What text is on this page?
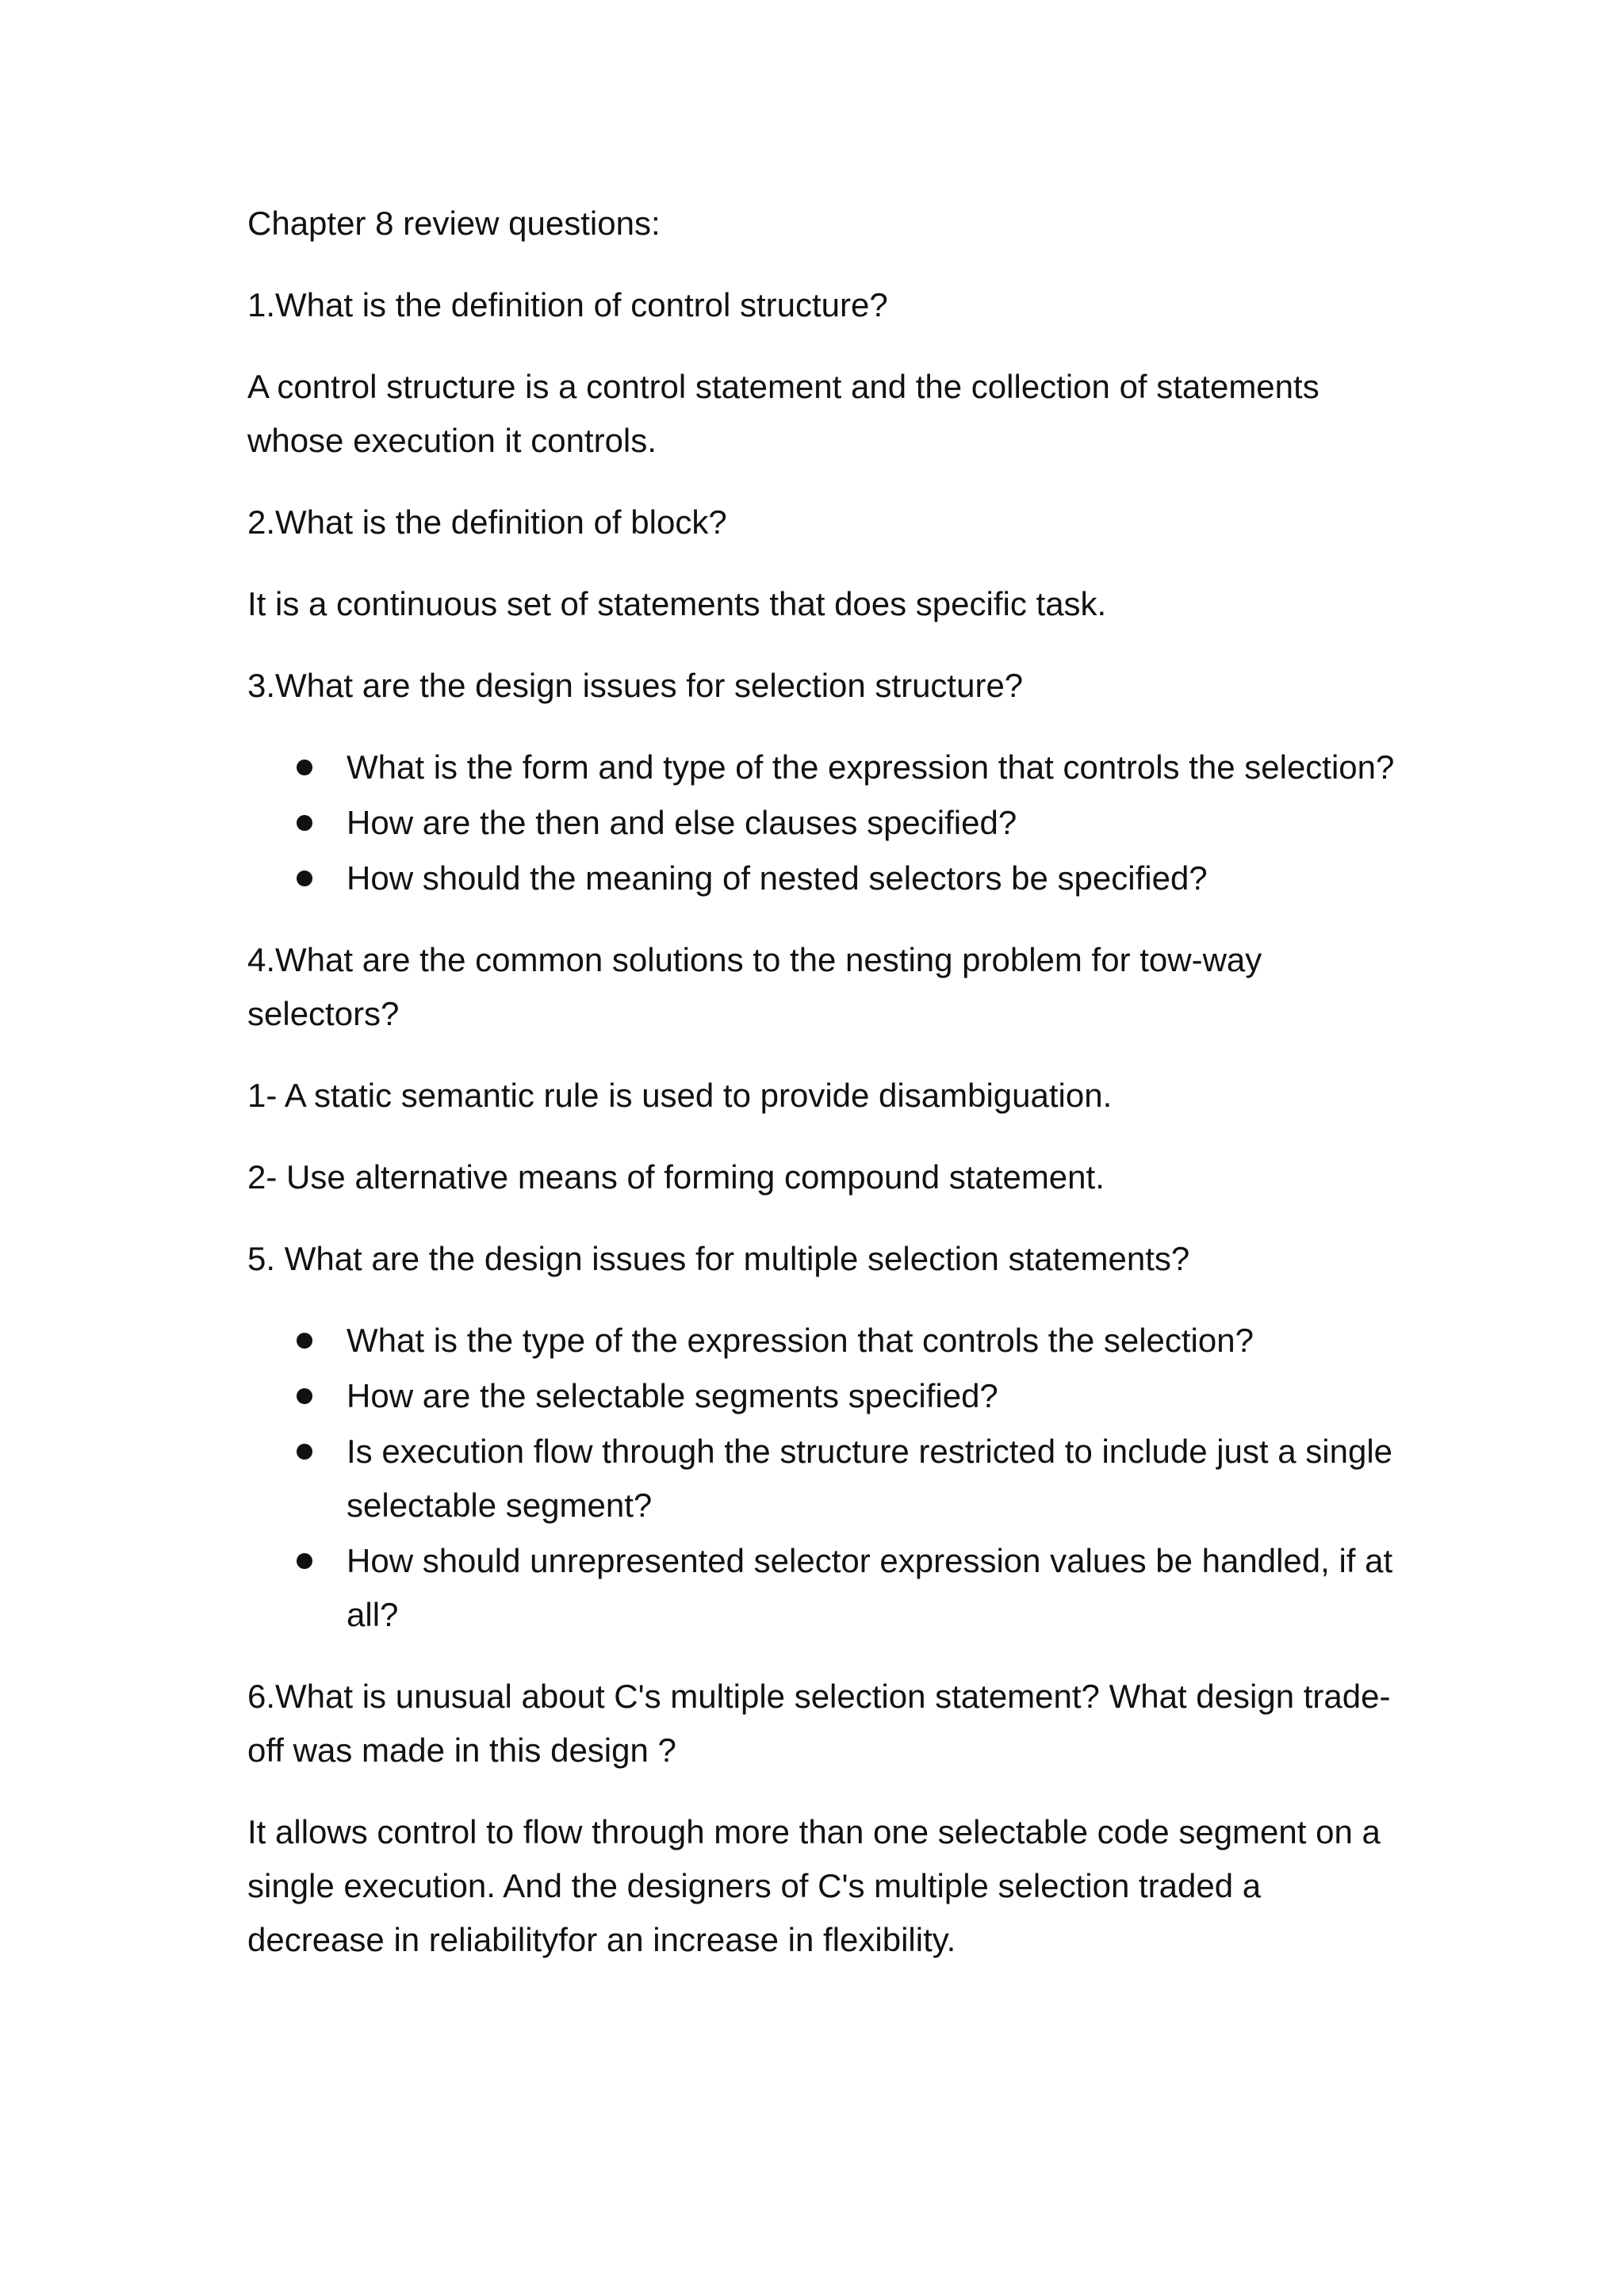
Chapter 8 review questions:

1.What is the definition of control structure?

A control structure is a control statement and the collection of statements whose execution it controls.

2.What is the definition of block?

It is a continuous set of statements that does specific task.

3.What are the design issues for selection structure?

What is the form and type of the expression that controls the selection?
How are the then and else clauses specified?
How should the meaning of nested selectors be specified?

4.What are the common solutions to the nesting problem for tow-way selectors?

1- A static semantic rule is used to provide disambiguation.

2- Use alternative means of forming compound statement.

5. What are the design issues for multiple selection statements?

What is the type of the expression that controls the selection?
How are the selectable segments specified?
Is execution flow through the structure restricted to include just a single selectable segment?
How should unrepresented selector expression values be handled, if at all?

6.What is unusual about C's multiple selection statement? What design trade-off was made in this design ?

It allows control to flow through more than one selectable code segment on a single execution. And the designers of C's multiple selection traded a decrease in reliabilityfor an increase in flexibility.
